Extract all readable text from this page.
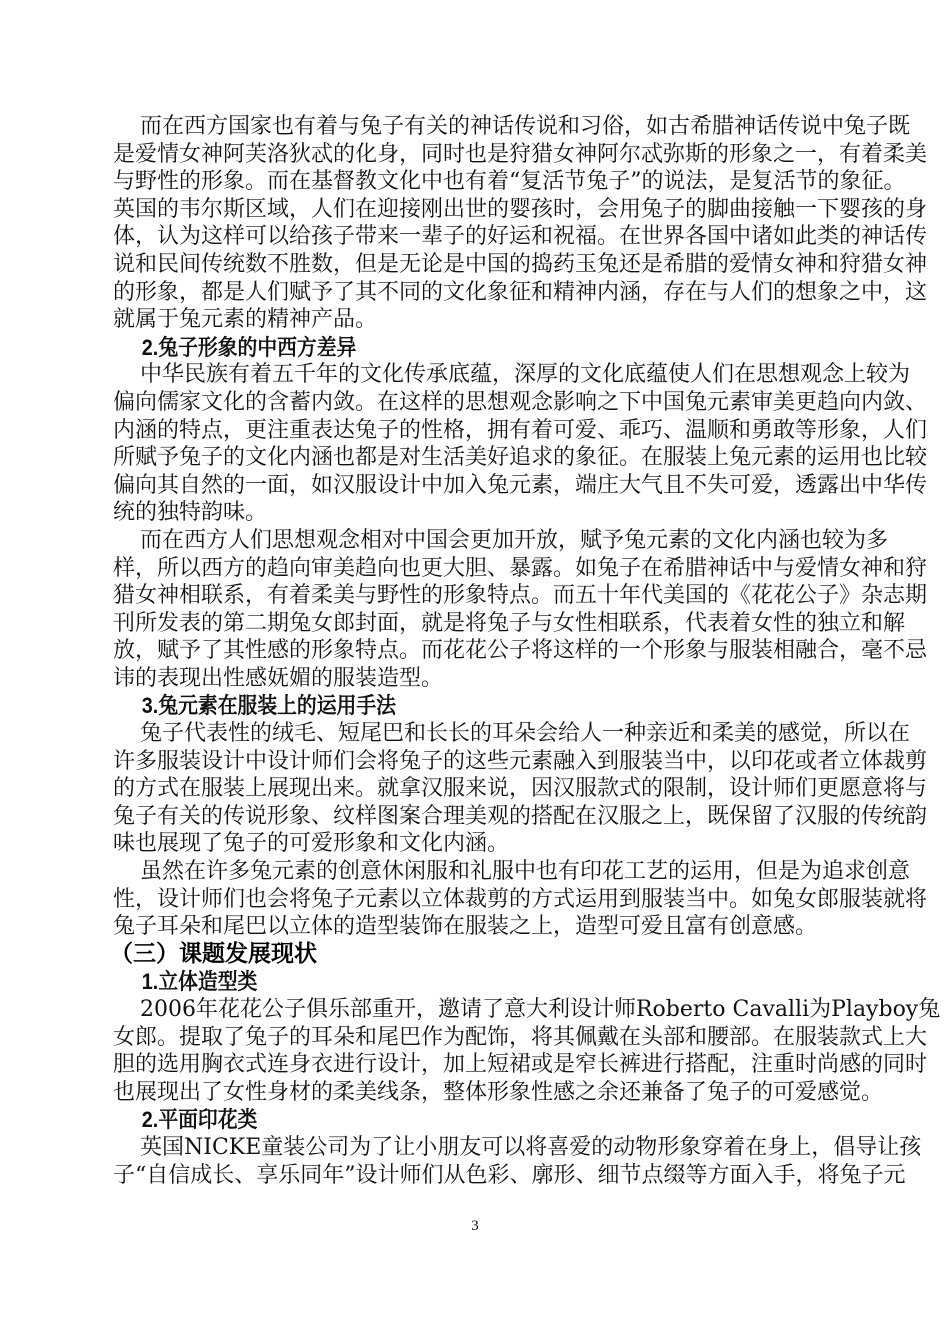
而在西方国家也有着与兔子有关的神话传说和习俗，如古希腊神话传说中兔子既
是爱情女神阿芙洛狄忒的化身，同时也是狩猎女神阿尔忒弥斯的形象之一，有着柔美
与野性的形象。而在基督教文化中也有着“复活节兔子”的说法，是复活节的象征。
英国的韦尔斯区域，人们在迎接刚出世的婴孩时，会用兔子的脚曲接触一下婴孩的身
体，认为这样可以给孩子带来一辈子的好运和祝福。在世界各国中诸如此类的神话传
说和民间传统数不胜数，但是无论是中国的捣药玉兔还是希腊的爱情女神和狩猎女神
的形象，都是人们赋予了其不同的文化象征和精神内涵，存在与人们的想象之中，这
就属于兔元素的精神产品。
2.兔子形象的中西方差异
中华民族有着五千年的文化传承底蕴，深厚的文化底蕴使人们在思想观念上较为
偏向儒家文化的含蓄内敛。在这样的思想观念影响之下中国兔元素审美更趋向内敛、
内涵的特点，更注重表达兔子的性格，拥有着可爱、乖巧、温顺和勇敢等形象，人们
所赋予兔子的文化内涵也都是对生活美好追求的象征。在服装上兔元素的运用也比较
偏向其自然的一面，如汉服设计中加入兔元素，端庄大气且不失可爱，透露出中华传
统的独特韵味。
而在西方人们思想观念相对中国会更加开放，赋予兔元素的文化内涵也较为多
样，所以西方的趋向审美趋向也更大胆、暴露。如兔子在希腊神话中与爱情女神和狩
猎女神相联系，有着柔美与野性的形象特点。而五十年代美国的《花花公子》杂志期
刊所发表的第二期兔女郎封面，就是将兔子与女性相联系，代表着女性的独立和解
放，赋予了其性感的形象特点。而花花公子将这样的一个形象与服装相融合，毫不忌
讳的表现出性感妩媚的服装造型。
3.兔元素在服装上的运用手法
兔子代表性的绒毛、短尾巴和长长的耳朵会给人一种亲近和柔美的感觉，所以在
许多服装设计中设计师们会将兔子的这些元素融入到服装当中，以印花或者立体裁剪
的方式在服装上展现出来。就拿汉服来说，因汉服款式的限制，设计师们更愿意将与
兔子有关的传说形象、纹样图案合理美观的搭配在汉服之上，既保留了汉服的传统韵
味也展现了兔子的可爱形象和文化内涵。
虽然在许多兔元素的创意休闲服和礼服中也有印花工艺的运用，但是为追求创意
性，设计师们也会将兔子元素以立体裁剪的方式运用到服装当中。如兔女郎服装就将
兔子耳朵和尾巴以立体的造型装饰在服装之上，造型可爱且富有创意感。
（三）课题发展现状
1.立体造型类
2006年花花公子俱乐部重开，邀请了意大利设计师Roberto Cavalli为Playboy兔
女郎。提取了兔子的耳朵和尾巴作为配饰，将其佩戴在头部和腰部。在服装款式上大
胆的选用胸衣式连身衣进行设计，加上短裙或是窄长裤进行搭配，注重时尚感的同时
也展现出了女性身材的柔美线条，整体形象性感之余还兼备了兔子的可爱感觉。
2.平面印花类
英国NICKE童装公司为了让小朋友可以将喜爱的动物形象穿着在身上，倡导让孩
子“自信成长、享乐同年”设计师们从色彩、廓形、细节点缀等方面入手，将兔子元
3
